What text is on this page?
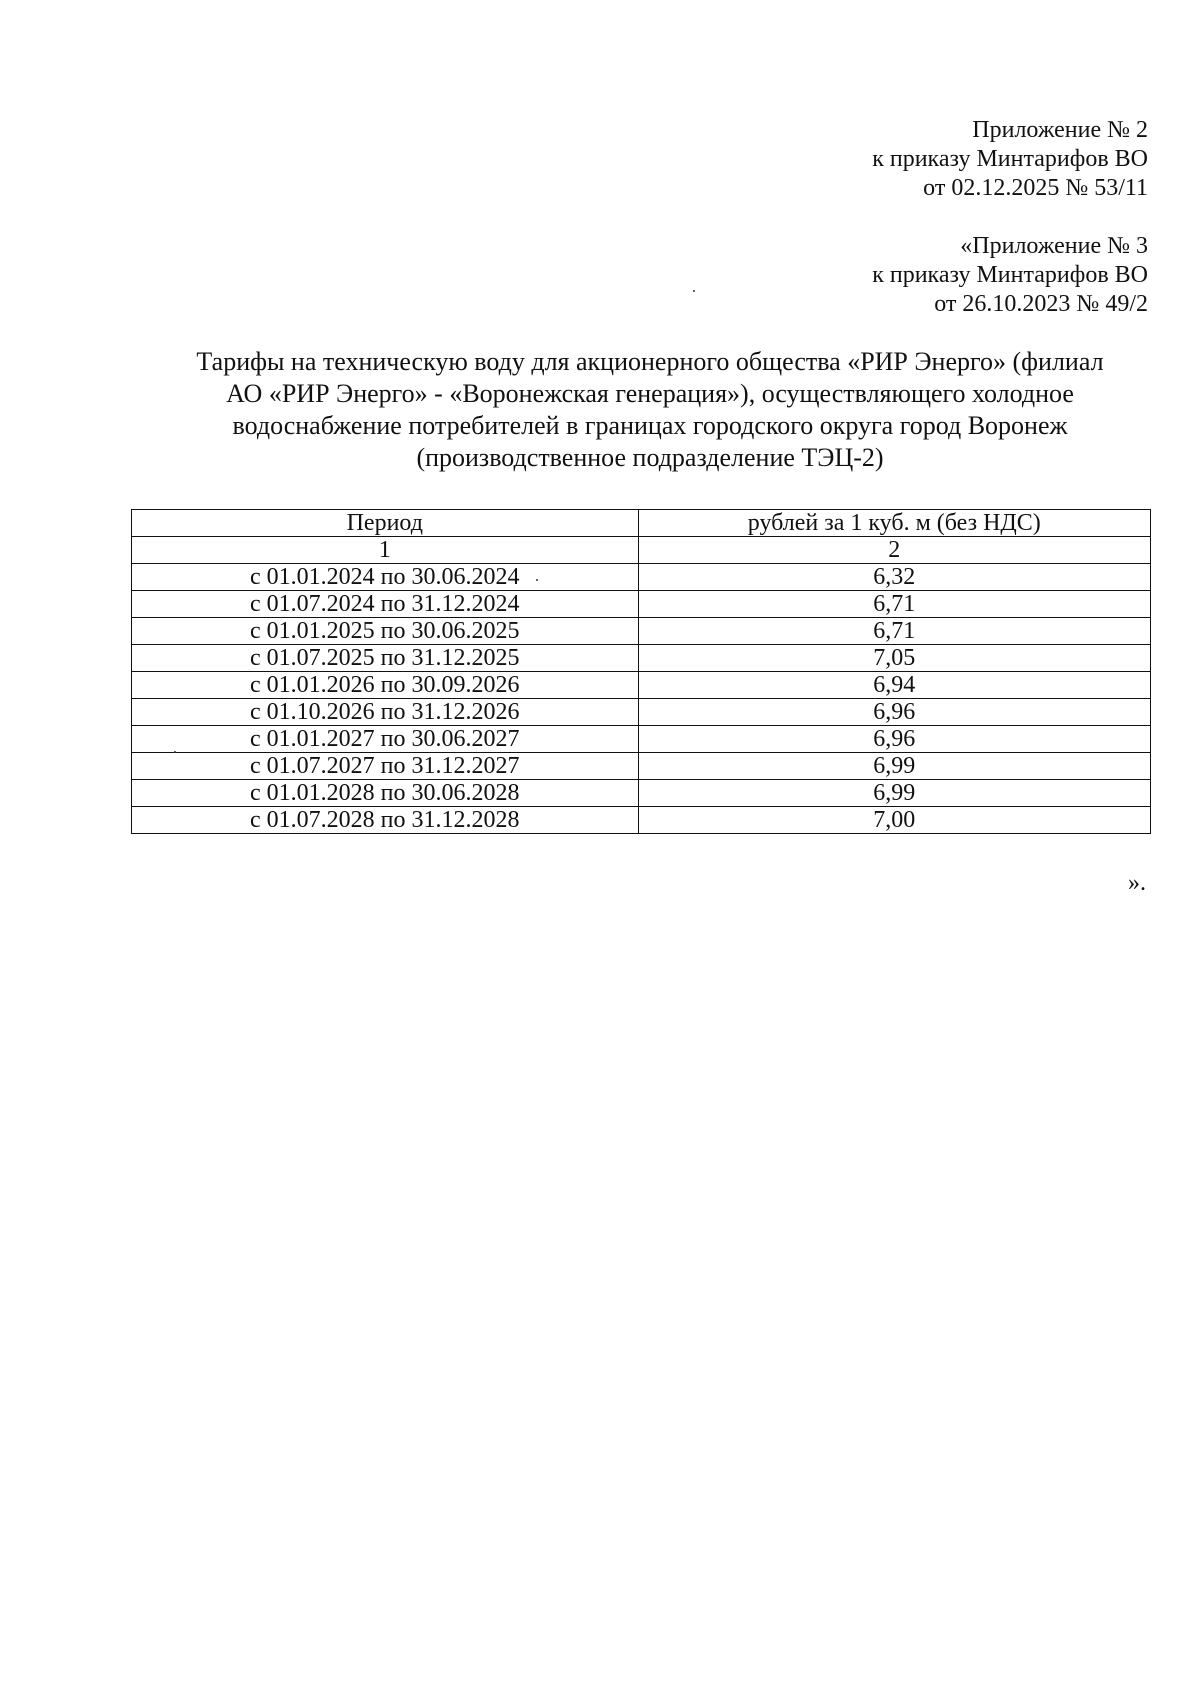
Приложение № 2
к приказу Минтарифов ВО
от 02.12.2025 № 53/11
«Приложение № 3
к приказу Минтарифов ВО
от 26.10.2023 № 49/2
Тарифы на техническую воду для акционерного общества «РИР Энерго» (филиал
АО «РИР Энерго» - «Воронежская генерация»), осуществляющего холодное
водоснабжение потребителей в границах городского округа город Воронеж
(производственное подразделение ТЭЦ-2)
Период	рублей за 1 куб. м (без НДС)
1	2
с 01.01.2024 по 30.06.2024	6,32
с 01.07.2024 по 31.12.2024	6,71
с 01.01.2025 по 30.06.2025	6,71
с 01.07.2025 по 31.12.2025	7,05
с 01.01.2026 по 30.09.2026	6,94
с 01.10.2026 по 31.12.2026	6,96
с 01.01.2027 по 30.06.2027	6,96
с 01.07.2027 по 31.12.2027	6,99
с 01.01.2028 по 30.06.2028	6,99
с 01.07.2028 по 31.12.2028	7,00
».
